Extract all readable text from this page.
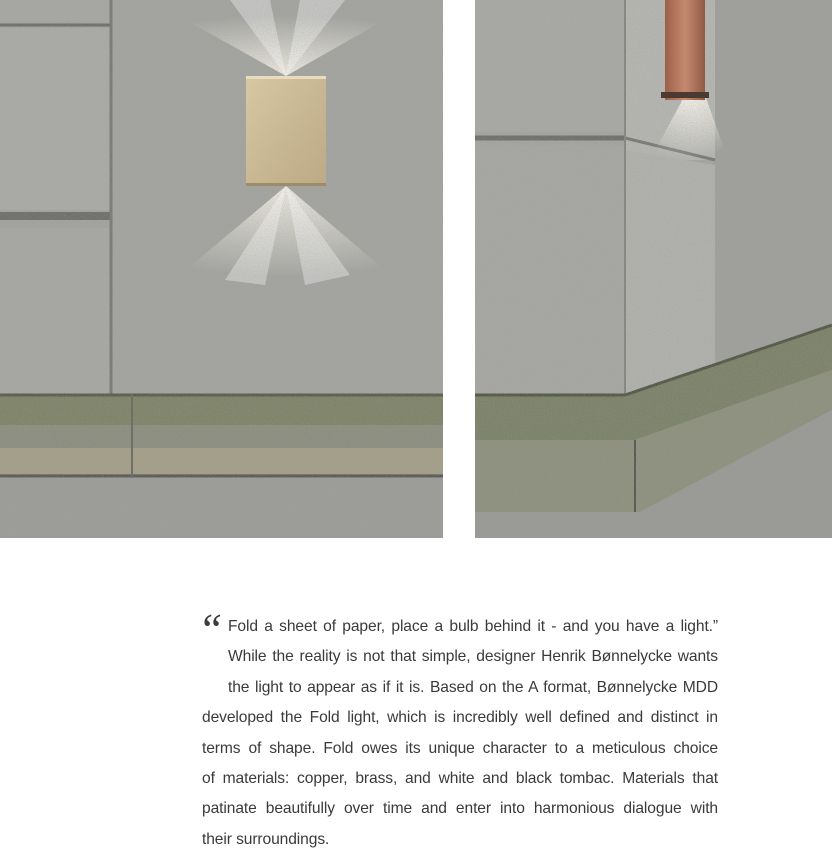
“ Fold a sheet of paper, place a bulb behind it - and you have a light.”
While the reality is not that simple, designer Henrik Bønnelycke wants
the light to appear as if it is. Based on the A format, Bønnelycke MDD
developed the Fold light, which is incredibly well defined and distinct in
terms of shape. Fold owes its unique character to a meticulous choice
of materials: copper, brass, and white and black tombac. Materials that
patinate beautifully over time and enter into harmonious dialogue with
their surroundings.
